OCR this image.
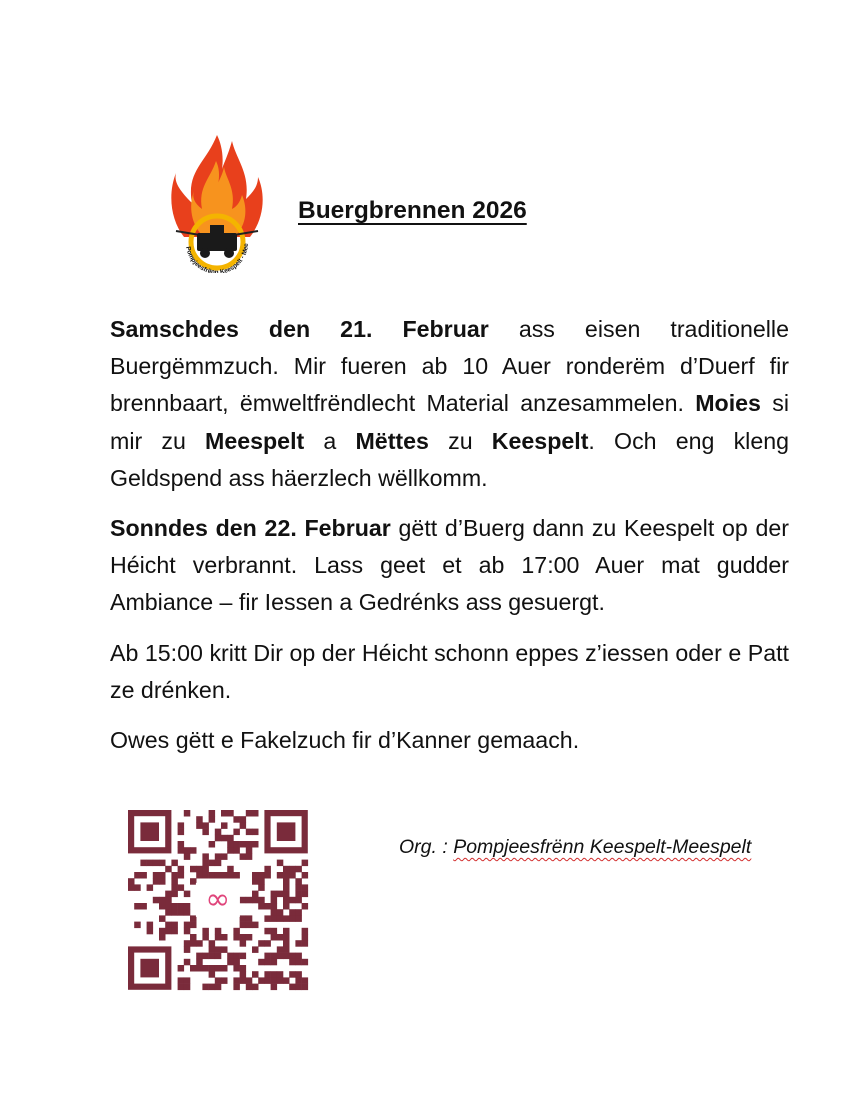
Pompjeesfrënn Keespelt - Mee
Buergbrennen 2026

Samschdes den 21. Februar ass eisen traditionelle Buergëmmzuch. Mir fueren ab 10 Auer ronderëm d’Duerf fir brennbaart, ëmweltfrëndlecht Material anzesammelen. Moies si mir zu Meespelt a Mëttes zu Keespelt. Och eng kleng Geldspend ass häerzlech wëllkomm.

Sonndes den 22. Februar gëtt d’Buerg dann zu Keespelt op der Héicht verbrannt. Lass geet et ab 17:00 Auer mat gudder Ambiance – fir Iessen a Gedrénks ass gesuergt.

Ab 15:00 kritt Dir op der Héicht schonn eppes z’iessen oder e Patt ze drénken.

Owes gëtt e Fakelzuch fir d’Kanner gemaach.

∞
Org. : Pompjeesfrënn Keespelt-Meespelt
